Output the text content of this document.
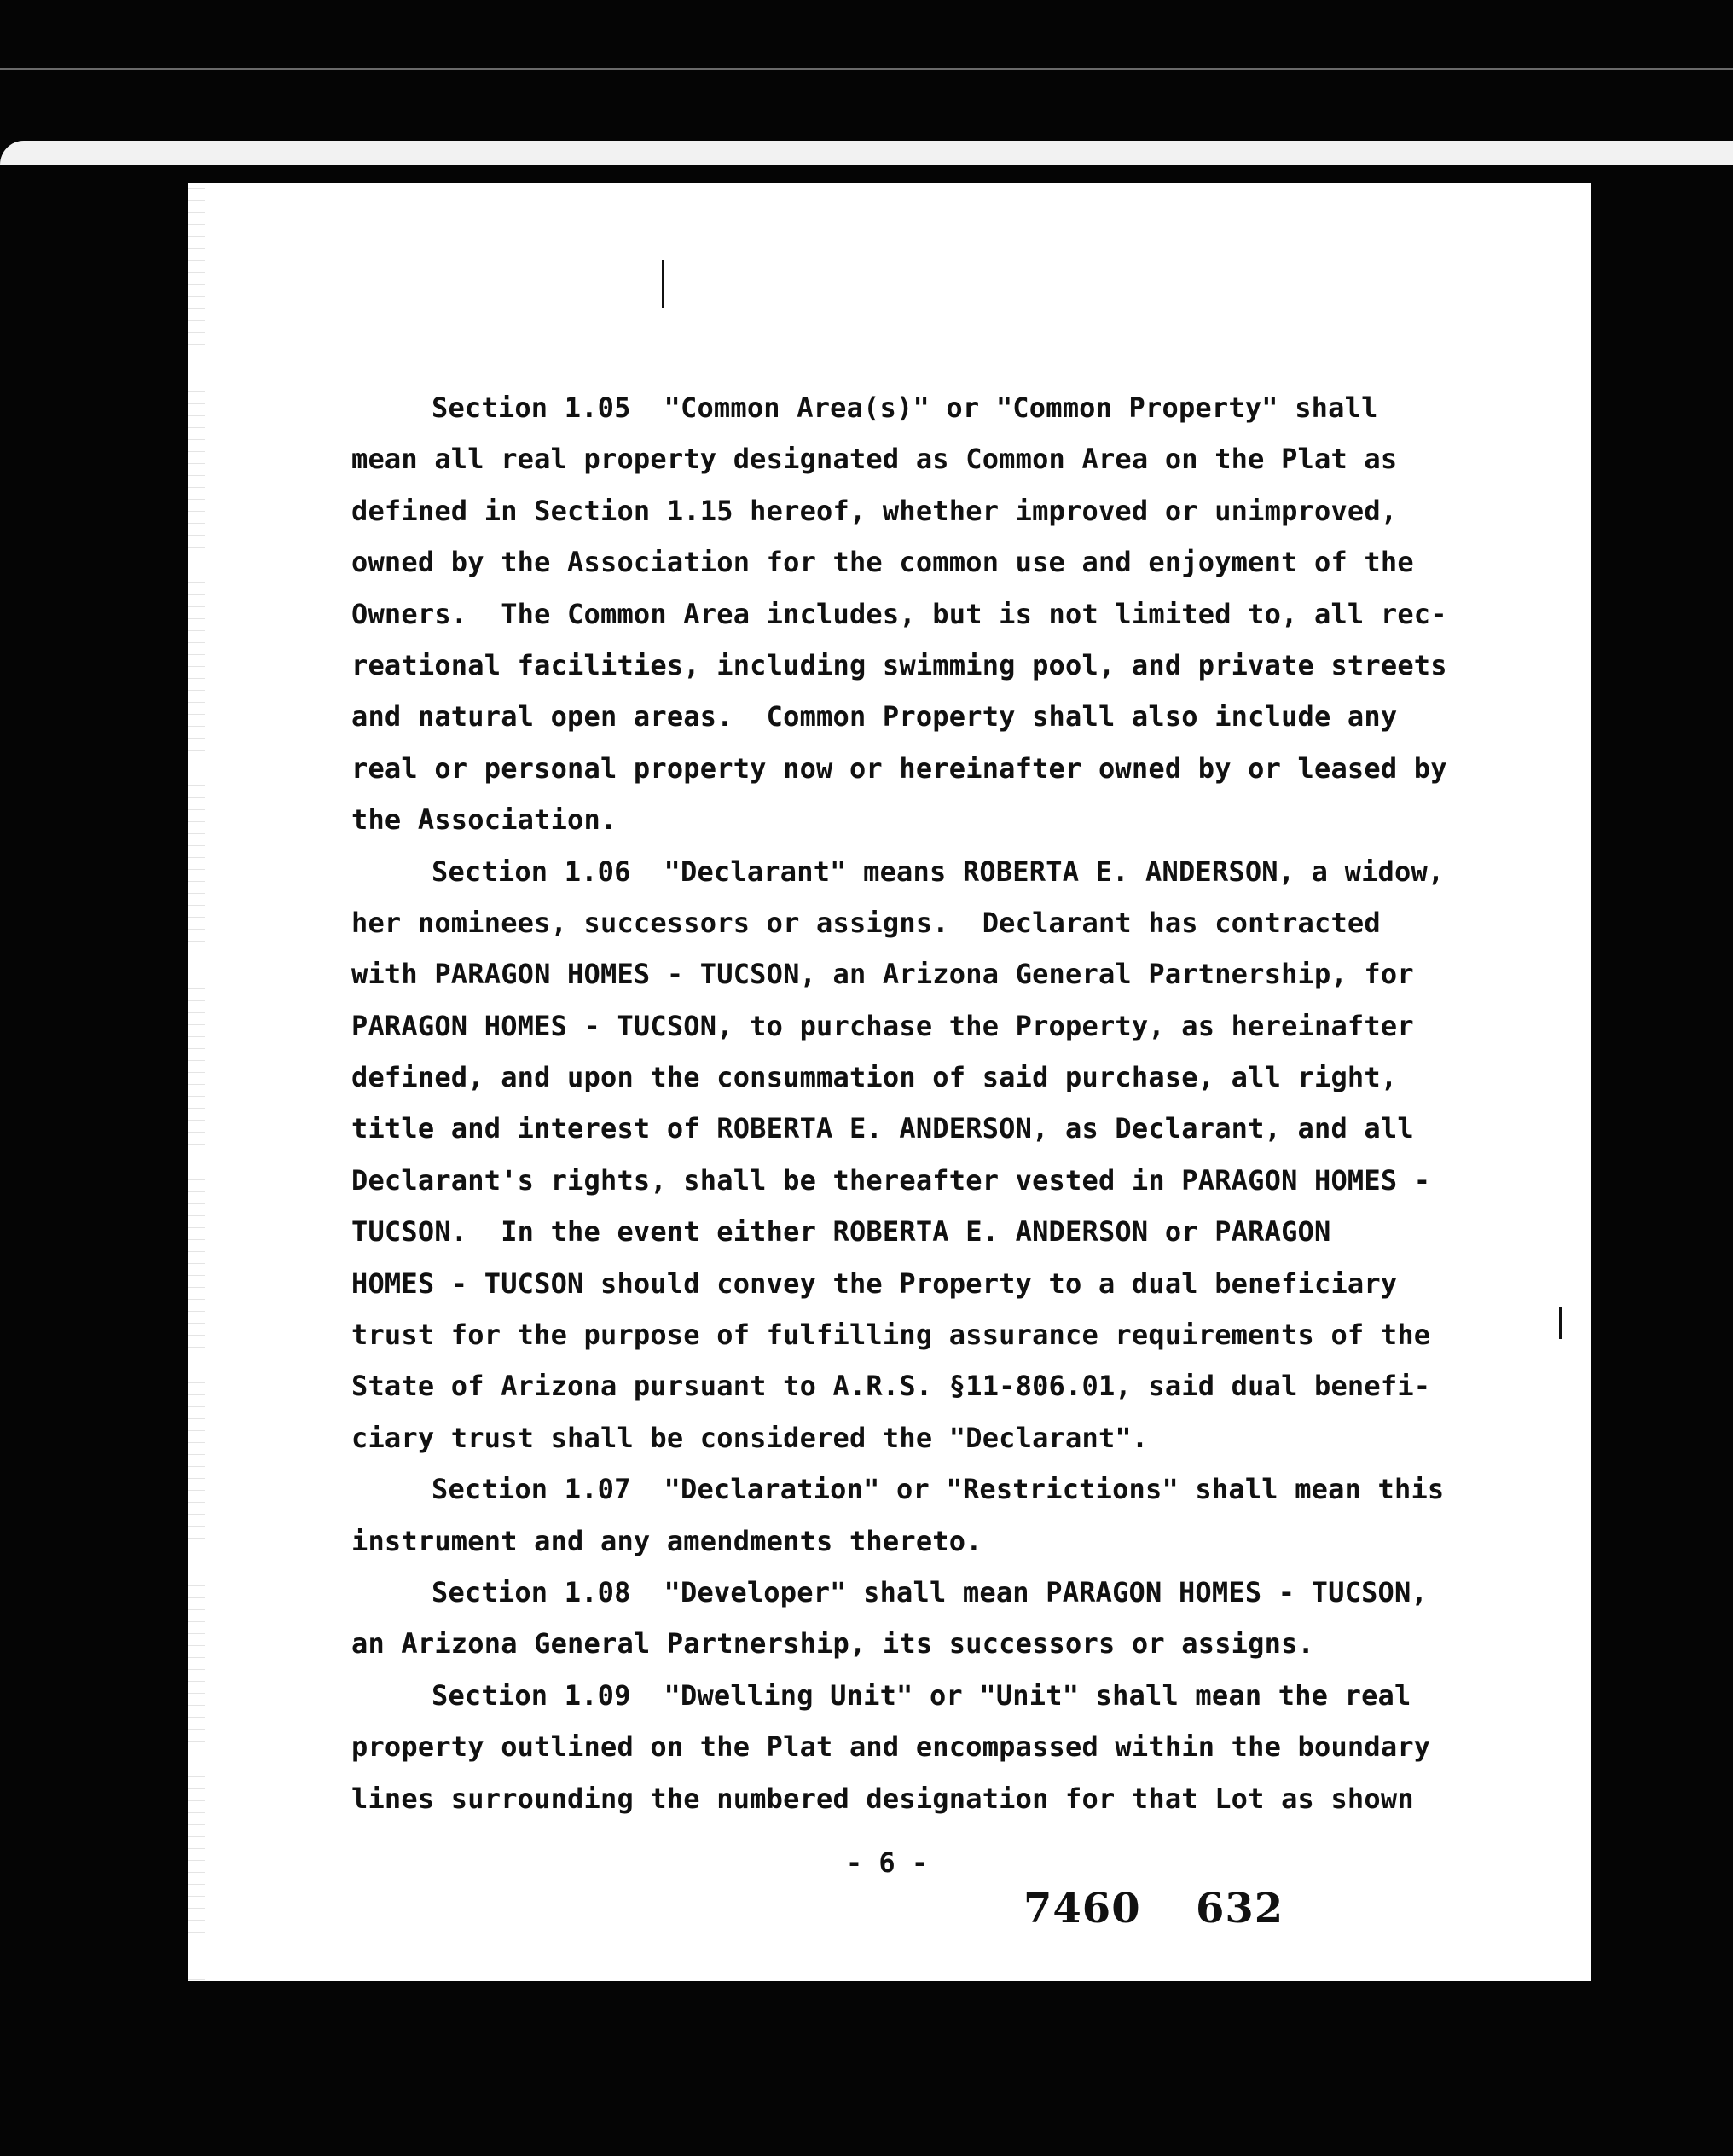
Section 1.05  "Common Area(s)" or "Common Property" shall
mean all real property designated as Common Area on the Plat as
defined in Section 1.15 hereof, whether improved or unimproved,
owned by the Association for the common use and enjoyment of the
Owners.  The Common Area includes, but is not limited to, all rec-
reational facilities, including swimming pool, and private streets
and natural open areas.  Common Property shall also include any
real or personal property now or hereinafter owned by or leased by
the Association.
Section 1.06  "Declarant" means ROBERTA E. ANDERSON, a widow,
her nominees, successors or assigns.  Declarant has contracted
with PARAGON HOMES - TUCSON, an Arizona General Partnership, for
PARAGON HOMES - TUCSON, to purchase the Property, as hereinafter
defined, and upon the consummation of said purchase, all right,
title and interest of ROBERTA E. ANDERSON, as Declarant, and all
Declarant's rights, shall be thereafter vested in PARAGON HOMES -
TUCSON.  In the event either ROBERTA E. ANDERSON or PARAGON
HOMES - TUCSON should convey the Property to a dual beneficiary
trust for the purpose of fulfilling assurance requirements of the
State of Arizona pursuant to A.R.S. §11-806.01, said dual benefi-
ciary trust shall be considered the "Declarant".
Section 1.07  "Declaration" or "Restrictions" shall mean this
instrument and any amendments thereto.
Section 1.08  "Developer" shall mean PARAGON HOMES - TUCSON,
an Arizona General Partnership, its successors or assigns.
Section 1.09  "Dwelling Unit" or "Unit" shall mean the real
property outlined on the Plat and encompassed within the boundary
lines surrounding the numbered designation for that Lot as shown
- 6 -
7460 632
